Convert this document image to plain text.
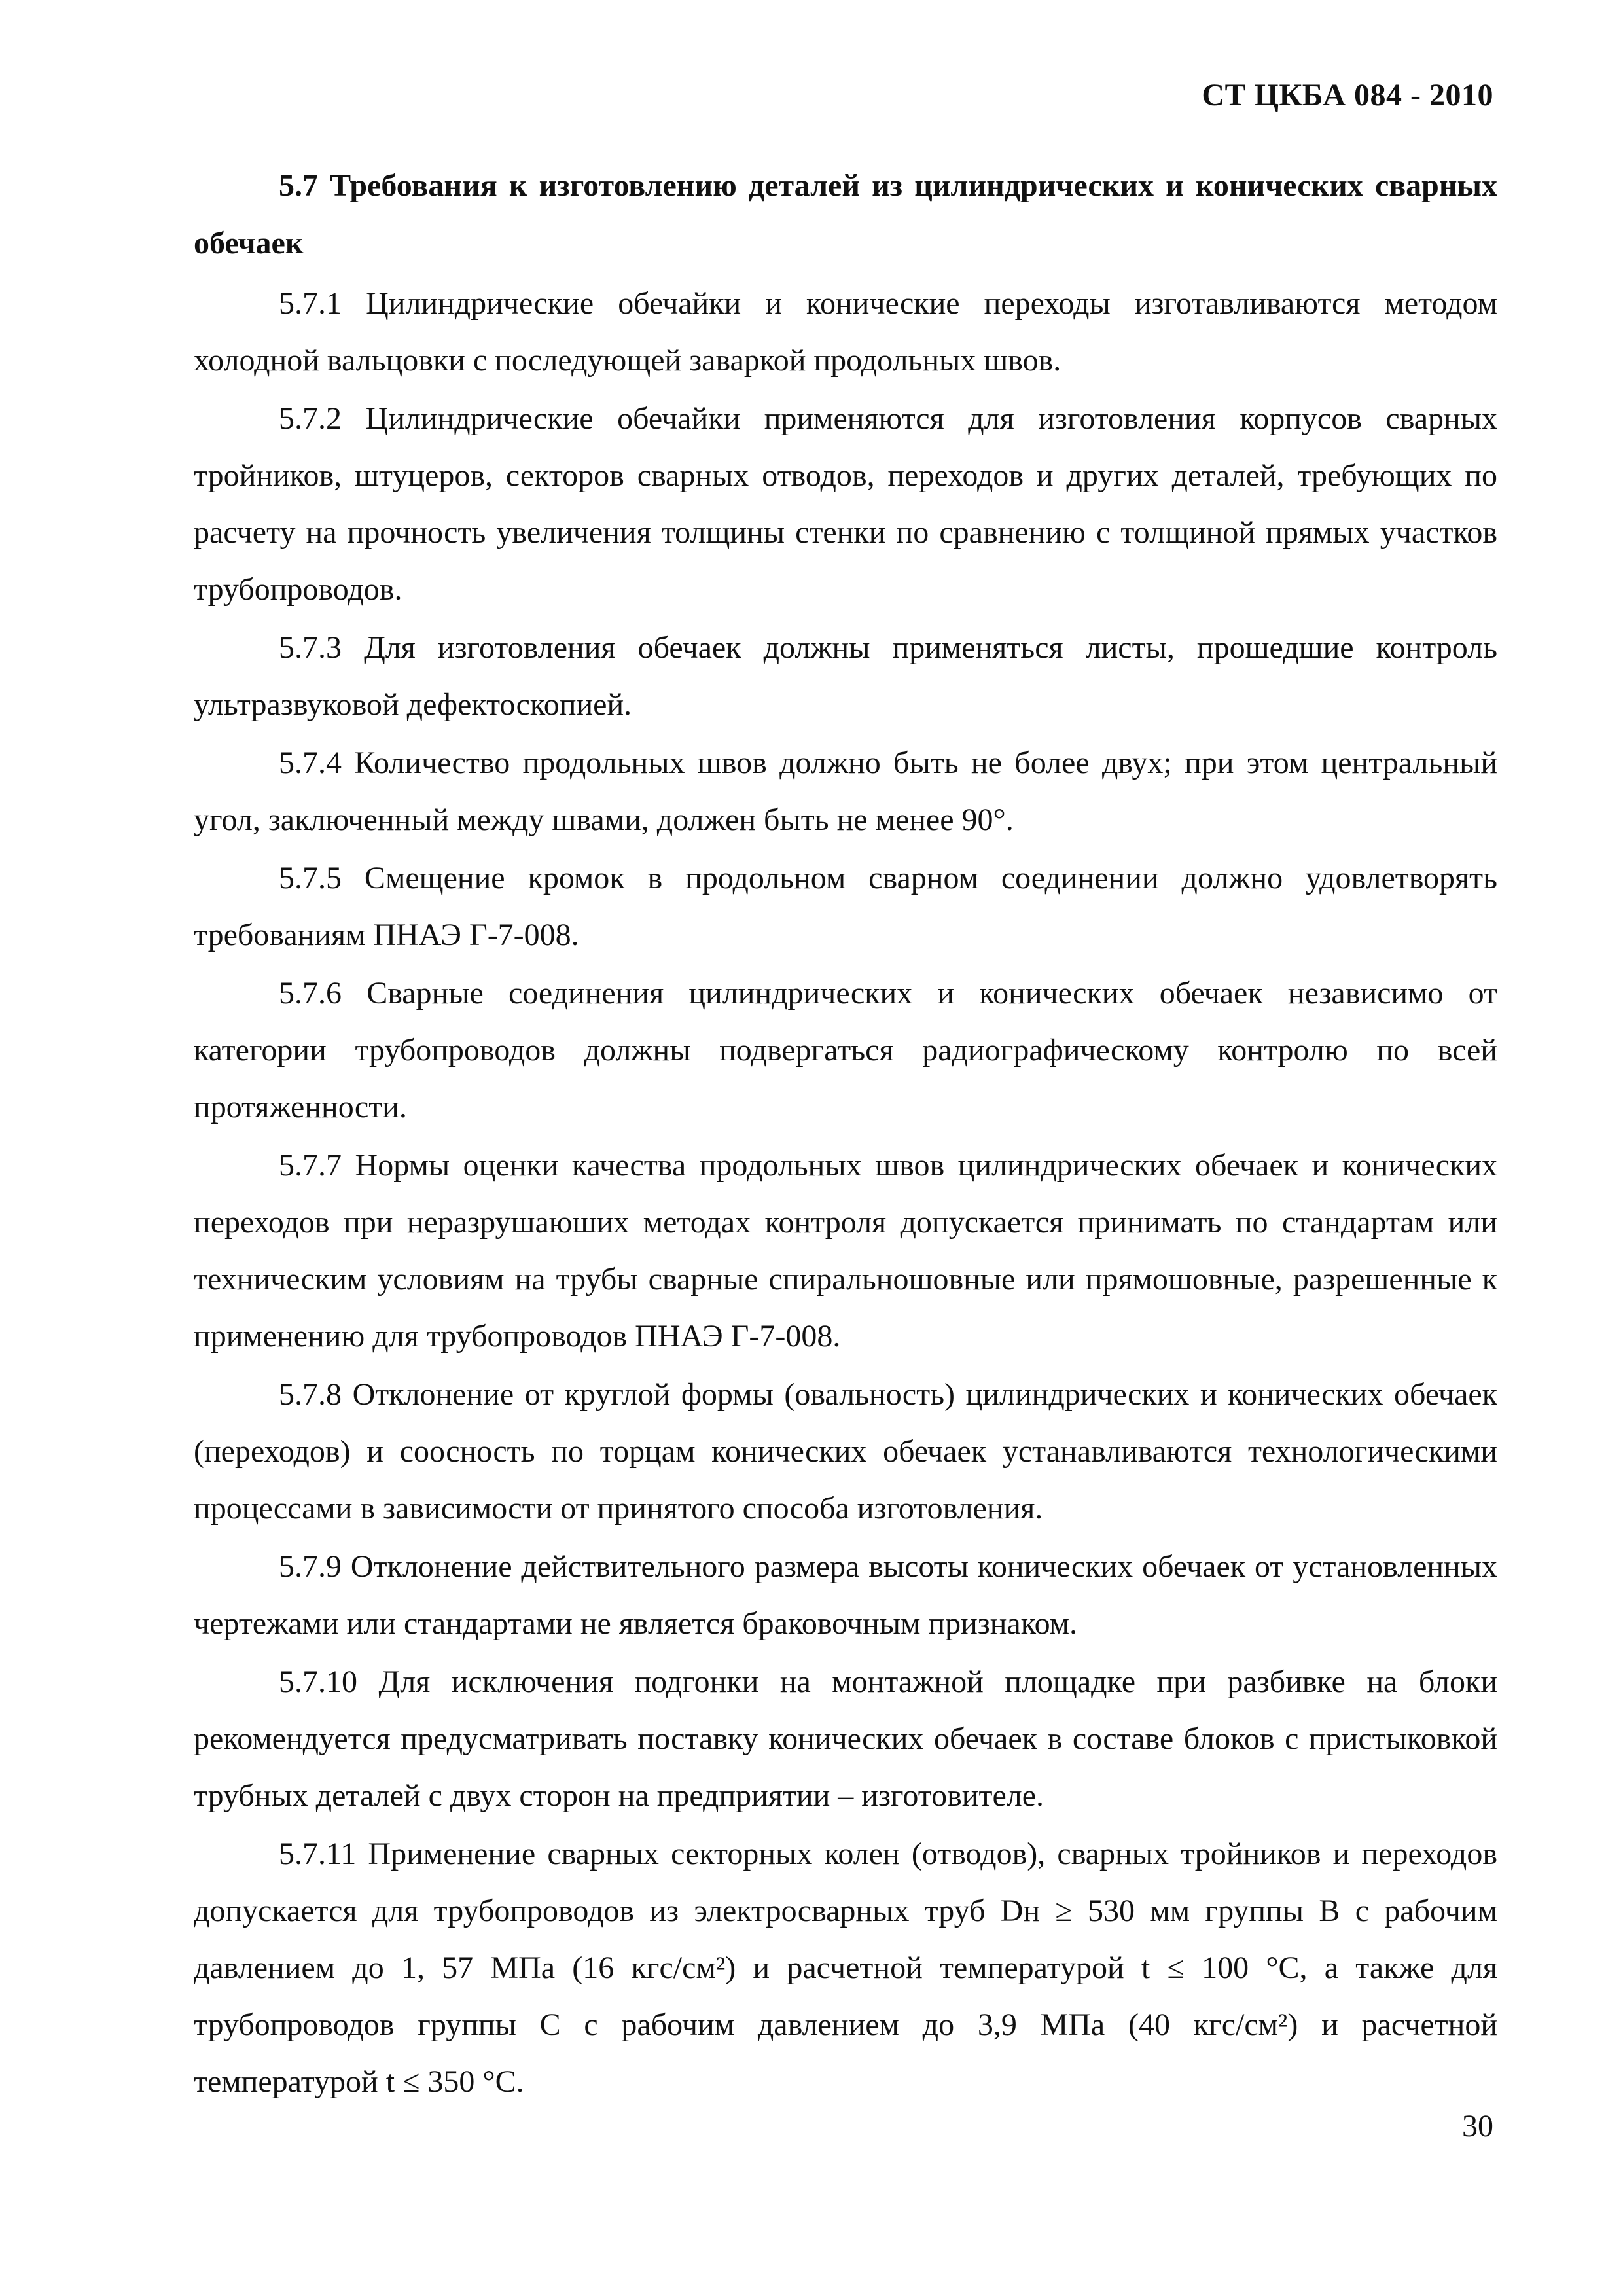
СТ ЦКБА 084 - 2010

5.7 Требования к изготовлению деталей из цилиндрических и конических сварных обечаек

5.7.1 Цилиндрические обечайки и конические переходы изготавливаются методом холодной вальцовки с последующей заваркой продольных швов.

5.7.2 Цилиндрические обечайки применяются для изготовления корпусов сварных тройников, штуцеров, секторов сварных отводов, переходов и других деталей, требующих по расчету на прочность увеличения толщины стенки по сравнению с толщиной прямых участков трубопроводов.

5.7.3 Для изготовления обечаек должны применяться листы, прошедшие контроль ультразвуковой дефектоскопией.

5.7.4 Количество продольных швов должно быть не более двух; при этом центральный угол, заключенный между швами, должен быть не менее 90°.

5.7.5 Смещение кромок в продольном сварном соединении должно удовлетворять требованиям ПНАЭ Г-7-008.

5.7.6 Сварные соединения цилиндрических и конических обечаек независимо от категории трубопроводов должны подвергаться радиографическому контролю по всей протяженности.

5.7.7 Нормы оценки качества продольных швов цилиндрических обечаек и конических переходов при неразрушаюших методах контроля допускается принимать по стандартам или техническим условиям на трубы сварные спиральношовные или прямошовные, разрешенные к применению для трубопроводов ПНАЭ Г-7-008.

5.7.8 Отклонение от круглой формы (овальность) цилиндрических и конических обечаек (переходов) и соосность по торцам конических обечаек устанавливаются технологическими процессами в зависимости от принятого способа изготовления.

5.7.9 Отклонение действительного размера высоты конических обечаек от установленных чертежами или стандартами не является браковочным признаком.

5.7.10 Для исключения подгонки на монтажной площадке при разбивке на блоки рекомендуется предусматривать поставку конических обечаек в составе блоков с пристыковкой трубных деталей с двух сторон на предприятии – изготовителе.

5.7.11 Применение сварных секторных колен (отводов), сварных тройников и переходов допускается для трубопроводов из электросварных труб Dн ≥ 530 мм группы В с рабочим давлением до 1, 57 МПа (16 кгс/см²) и расчетной температурой t ≤ 100 °C, а также для трубопроводов группы С с рабочим давлением до 3,9 МПа (40 кгс/см²) и расчетной температурой t ≤ 350 °C.

30
